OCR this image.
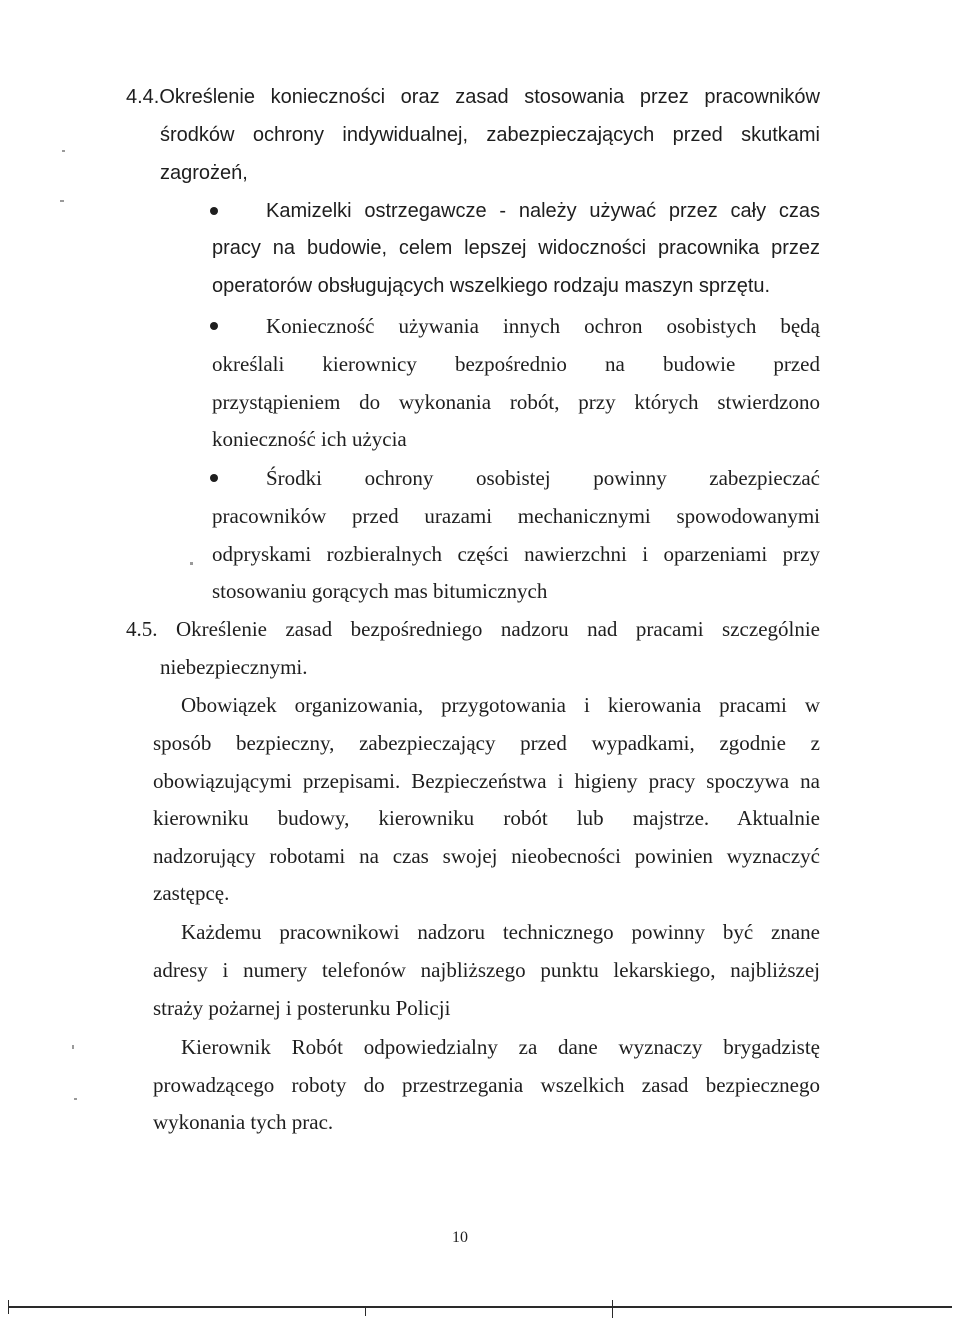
4.4.Określenie konieczności oraz zasad stosowania przez pracowników
środków ochrony indywidualnej, zabezpieczających przed skutkami
zagrożeń,
Kamizelki ostrzegawcze - należy używać przez cały czas
pracy na budowie, celem lepszej widoczności pracownika przez
operatorów obsługujących wszelkiego rodzaju maszyn sprzętu.
Konieczność używania innych ochron osobistych będą
określali kierownicy bezpośrednio na budowie przed
przystąpieniem do wykonania robót, przy których stwierdzono
konieczność ich użycia
Środki ochrony osobistej powinny zabezpieczać
pracowników przed urazami mechanicznymi spowodowanymi
odpryskami rozbieralnych części nawierzchni i oparzeniami przy
stosowaniu gorących mas bitumicznych
4.5. Określenie zasad bezpośredniego nadzoru nad pracami szczególnie
niebezpiecznymi.
Obowiązek organizowania, przygotowania i kierowania pracami w
sposób bezpieczny, zabezpieczający przed wypadkami, zgodnie z
obowiązującymi przepisami. Bezpieczeństwa i higieny pracy spoczywa na
kierowniku budowy, kierowniku robót lub majstrze. Aktualnie
nadzorujący robotami na czas swojej nieobecności powinien wyznaczyć
zastępcę.
Każdemu pracownikowi nadzoru technicznego powinny być znane
adresy i numery telefonów najbliższego punktu lekarskiego, najbliższej
straży pożarnej i posterunku Policji
Kierownik Robót odpowiedzialny za dane wyznaczy brygadzistę
prowadzącego roboty do przestrzegania wszelkich zasad bezpiecznego
wykonania tych prac.
10
